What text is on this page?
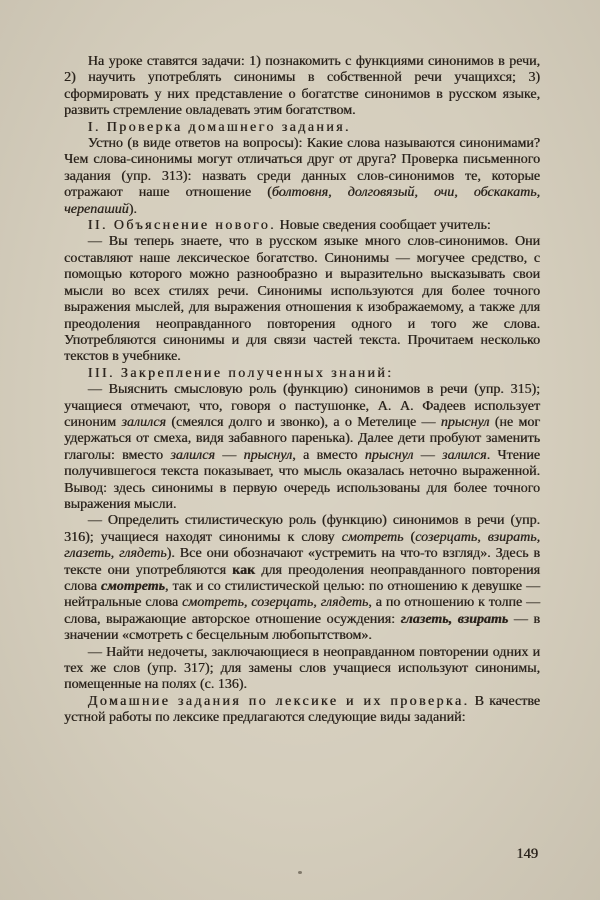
На уроке ставятся задачи: 1) познакомить с функциями синонимов в речи, 2) научить употреблять синонимы в собственной речи учащихся; 3) сформировать у них представление о богатстве синонимов в русском языке, развить стремление овладевать этим богатством.

I. Проверка домашнего задания.

Устно (в виде ответов на вопросы): Какие слова называются синонимами? Чем слова-синонимы могут отличаться друг от друга? Проверка письменного задания (упр. 313): назвать среди данных слов-синонимов те, которые отражают наше отношение (болтовня, долговязый, очи, обскакать, черепаший).

II. Объяснение нового. Новые сведения сообщает учитель:

— Вы теперь знаете, что в русском языке много слов-синонимов. Они составляют наше лексическое богатство. Синонимы — могучее средство, с помощью которого можно разнообразно и выразительно высказывать свои мысли во всех стилях речи. Синонимы используются для более точного выражения мыслей, для выражения отношения к изображаемому, а также для преодоления неоправданного повторения одного и того же слова. Употребляются синонимы и для связи частей текста. Прочитаем несколько текстов в учебнике.

III. Закрепление полученных знаний:

— Выяснить смысловую роль (функцию) синонимов в речи (упр. 315); учащиеся отмечают, что, говоря о пастушонке, А. А. Фадеев использует синоним залился (смеялся долго и звонко), а о Метелице — прыснул (не мог удержаться от смеха, видя забавного паренька). Далее дети пробуют заменить глаголы: вместо залился — прыснул, а вместо прыснул — залился. Чтение получившегося текста показывает, что мысль оказалась неточно выраженной. Вывод: здесь синонимы в первую очередь использованы для более точного выражения мысли.

— Определить стилистическую роль (функцию) синонимов в речи (упр. 316); учащиеся находят синонимы к слову смотреть (созерцать, взирать, глазеть, глядеть). Все они обозначают «устремить на что-то взгляд». Здесь в тексте они употребляются как для преодоления неоправданного повторения слова смотреть, так и со стилистической целью: по отношению к девушке — нейтральные слова смотреть, созерцать, глядеть, а по отношению к толпе — слова, выражающие авторское отношение осуждения: глазеть, взирать — в значении «смотреть с бесцельным любопытством».

— Найти недочеты, заключающиеся в неоправданном повторении одних и тех же слов (упр. 317); для замены слов учащиеся используют синонимы, помещенные на полях (с. 136).

Домашние задания по лексике и их проверка. В качестве устной работы по лексике предлагаются следующие виды заданий:

149
